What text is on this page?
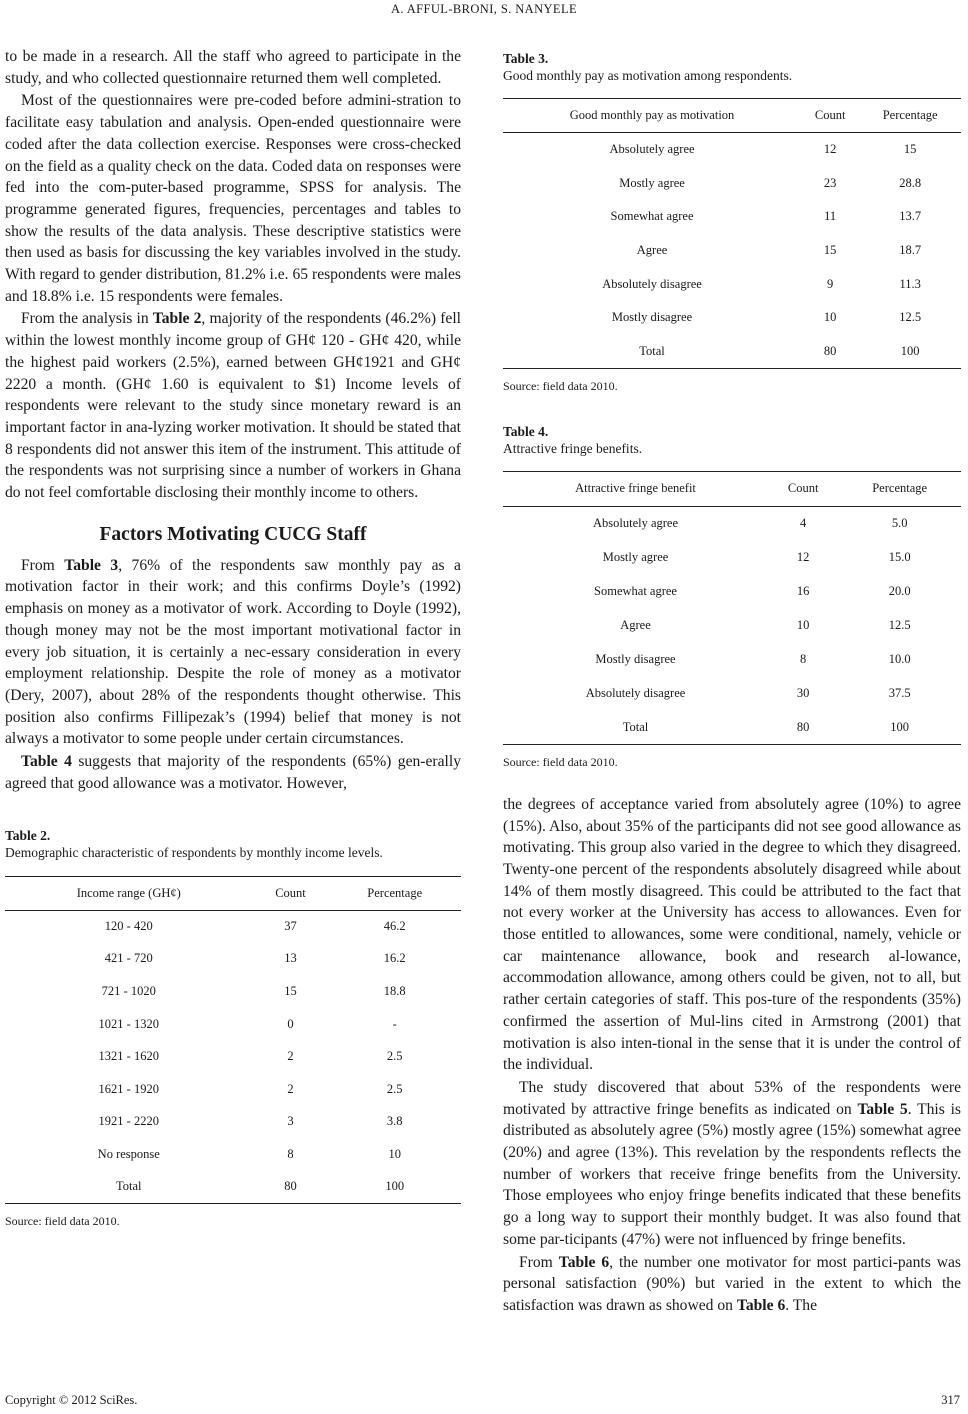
A. AFFUL-BRONI, S. NANYELE

to be made in a research. All the staff who agreed to participate in the study, and who collected questionnaire returned them well completed.

Most of the questionnaires were pre-coded before admini-stration to facilitate easy tabulation and analysis. Open-ended questionnaire were coded after the data collection exercise. Responses were cross-checked on the field as a quality check on the data. Coded data on responses were fed into the com-puter-based programme, SPSS for analysis. The programme generated figures, frequencies, percentages and tables to show the results of the data analysis. These descriptive statistics were then used as basis for discussing the key variables involved in the study. With regard to gender distribution, 81.2% i.e. 65 respondents were males and 18.8% i.e. 15 respondents were females.

From the analysis in Table 2, majority of the respondents (46.2%) fell within the lowest monthly income group of GH¢ 120 - GH¢ 420, while the highest paid workers (2.5%), earned between GH¢1921 and GH¢ 2220 a month. (GH¢ 1.60 is equivalent to $1) Income levels of respondents were relevant to the study since monetary reward is an important factor in ana-lyzing worker motivation. It should be stated that 8 respondents did not answer this item of the instrument. This attitude of the respondents was not surprising since a number of workers in Ghana do not feel comfortable disclosing their monthly income to others.

Factors Motivating CUCG Staff

From Table 3, 76% of the respondents saw monthly pay as a motivation factor in their work; and this confirms Doyle’s (1992) emphasis on money as a motivator of work. According to Doyle (1992), though money may not be the most important motivational factor in every job situation, it is certainly a nec-essary consideration in every employment relationship. Despite the role of money as a motivator (Dery, 2007), about 28% of the respondents thought otherwise. This position also confirms Fillipezak’s (1994) belief that money is not always a motivator to some people under certain circumstances.

Table 4 suggests that majority of the respondents (65%) gen-erally agreed that good allowance was a motivator. However,

Table 2.
Demographic characteristic of respondents by monthly income levels.
Income range (GH¢)	Count	Percentage
120 - 420	37	46.2
421 - 720	13	16.2
721 - 1020	15	18.8
1021 - 1320	0	-
1321 - 1620	2	2.5
1621 - 1920	2	2.5
1921 - 2220	3	3.8
No response	8	10
Total	80	100
Source: field data 2010.
Table 3.
Good monthly pay as motivation among respondents.
Good monthly pay as motivation	Count	Percentage
Absolutely agree	12	15
Mostly agree	23	28.8
Somewhat agree	11	13.7
Agree	15	18.7
Absolutely disagree	9	11.3
Mostly disagree	10	12.5
Total	80	100
Source: field data 2010.
Table 4.
Attractive fringe benefits.
Attractive fringe benefit	Count	Percentage
Absolutely agree	4	5.0
Mostly agree	12	15.0
Somewhat agree	16	20.0
Agree	10	12.5
Mostly disagree	8	10.0
Absolutely disagree	30	37.5
Total	80	100
Source: field data 2010.

the degrees of acceptance varied from absolutely agree (10%) to agree (15%). Also, about 35% of the participants did not see good allowance as motivating. This group also varied in the degree to which they disagreed. Twenty-one percent of the respondents absolutely disagreed while about 14% of them mostly disagreed. This could be attributed to the fact that not every worker at the University has access to allowances. Even for those entitled to allowances, some were conditional, namely, vehicle or car maintenance allowance, book and research al-lowance, accommodation allowance, among others could be given, not to all, but rather certain categories of staff. This pos-ture of the respondents (35%) confirmed the assertion of Mul-lins cited in Armstrong (2001) that motivation is also inten-tional in the sense that it is under the control of the individual.

The study discovered that about 53% of the respondents were motivated by attractive fringe benefits as indicated on Table 5. This is distributed as absolutely agree (5%) mostly agree (15%) somewhat agree (20%) and agree (13%). This revelation by the respondents reflects the number of workers that receive fringe benefits from the University. Those employees who enjoy fringe benefits indicated that these benefits go a long way to support their monthly budget. It was also found that some par-ticipants (47%) were not influenced by fringe benefits.

From Table 6, the number one motivator for most partici-pants was personal satisfaction (90%) but varied in the extent to which the satisfaction was drawn as showed on Table 6. The

Copyright © 2012 SciRes.	317
